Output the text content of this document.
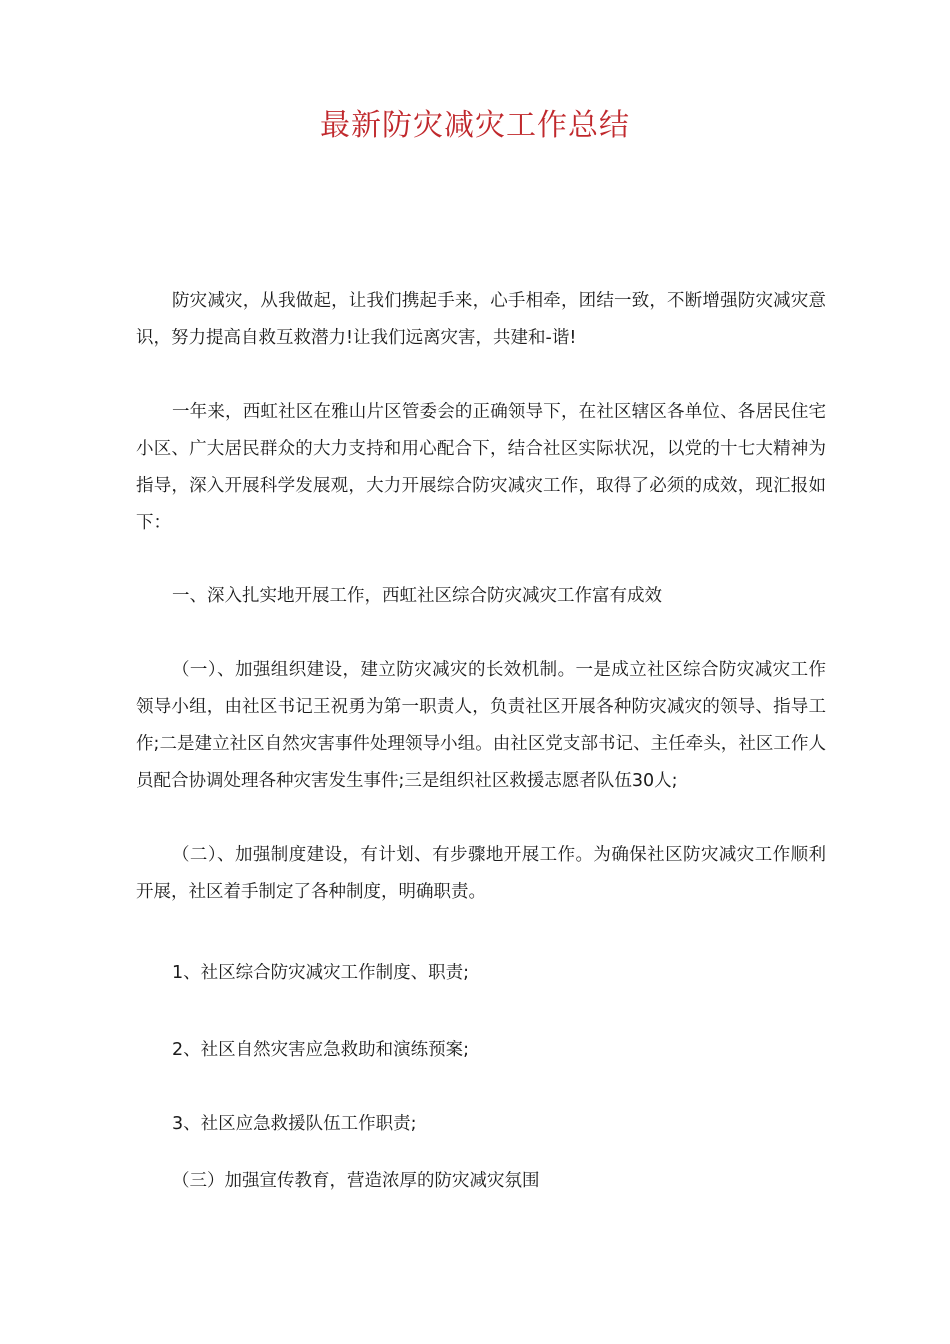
最新防灾减灾工作总结

防灾减灾，从我做起，让我们携起手来，心手相牵，团结一致，不断增强防灾减灾意识，努力提高自救互救潜力!让我们远离灾害，共建和-谐!

一年来，西虹社区在雅山片区管委会的正确领导下，在社区辖区各单位、各居民住宅小区、广大居民群众的大力支持和用心配合下，结合社区实际状况，以党的十七大精神为指导，深入开展科学发展观，大力开展综合防灾减灾工作，取得了必须的成效，现汇报如下：

一、深入扎实地开展工作，西虹社区综合防灾减灾工作富有成效

（一）、加强组织建设，建立防灾减灾的长效机制。一是成立社区综合防灾减灾工作领导小组，由社区书记王祝勇为第一职责人，负责社区开展各种防灾减灾的领导、指导工作;二是建立社区自然灾害事件处理领导小组。由社区党支部书记、主任牵头，社区工作人员配合协调处理各种灾害发生事件;三是组织社区救援志愿者队伍30人;

（二）、加强制度建设，有计划、有步骤地开展工作。为确保社区防灾减灾工作顺利开展，社区着手制定了各种制度，明确职责。

1、社区综合防灾减灾工作制度、职责;

2、社区自然灾害应急救助和演练预案;

3、社区应急救援队伍工作职责;

（三）加强宣传教育，营造浓厚的防灾减灾氛围
